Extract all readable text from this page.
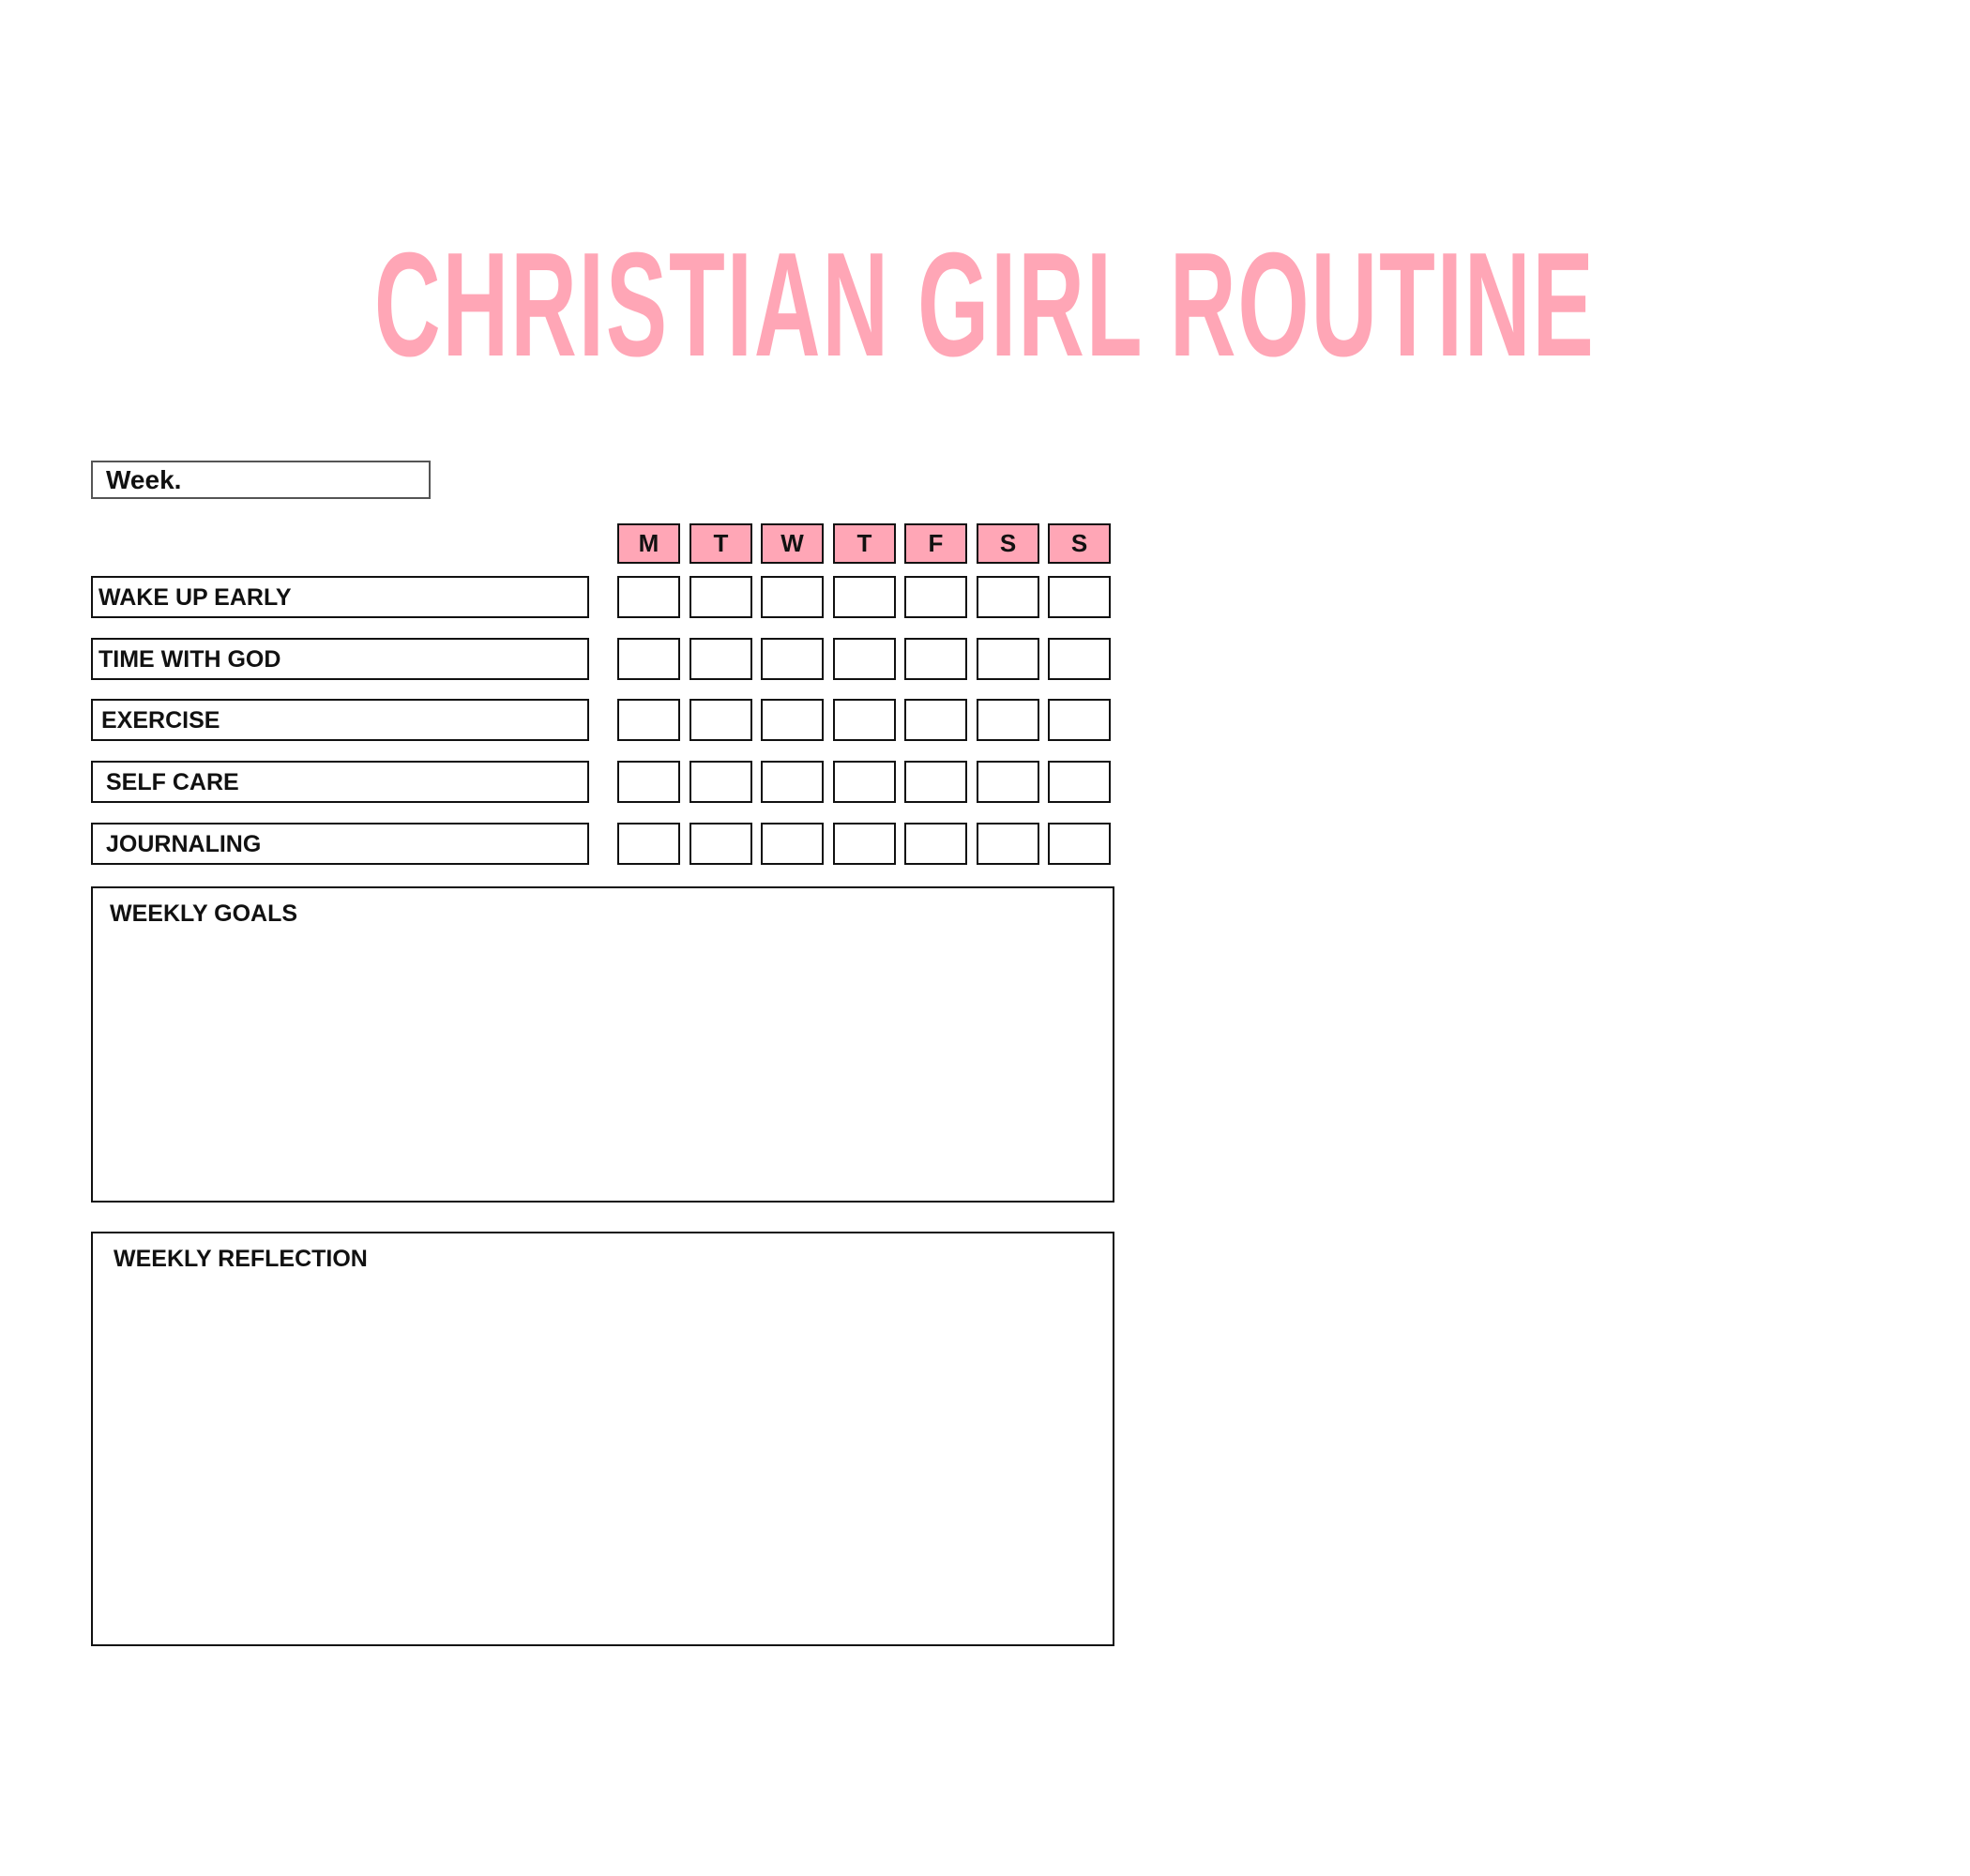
CHRISTIAN GIRL ROUTINE
Week.
M	T	W	T	F	S	S
WAKE UP EARLY
TIME WITH GOD
EXERCISE
SELF CARE
JOURNALING
WEEKLY GOALS
WEEKLY REFLECTION
